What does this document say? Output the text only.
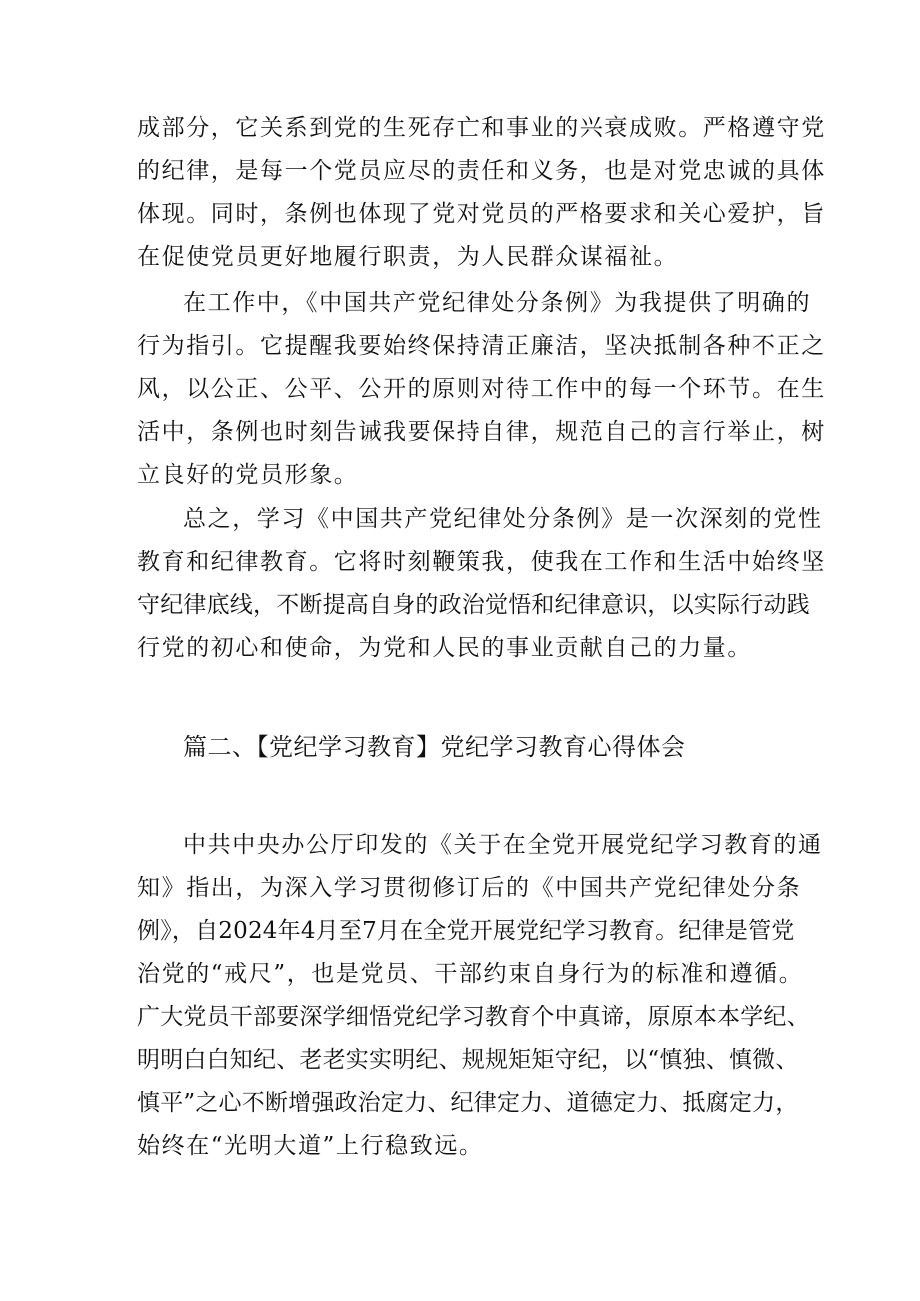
成部分，它关系到党的生死存亡和事业的兴衰成败。严格遵守党
的纪律，是每一个党员应尽的责任和义务，也是对党忠诚的具体
体现。同时，条例也体现了党对党员的严格要求和关心爱护，旨
在促使党员更好地履行职责，为人民群众谋福祉。
在工作中，《中国共产党纪律处分条例》为我提供了明确的
行为指引。它提醒我要始终保持清正廉洁，坚决抵制各种不正之
风，以公正、公平、公开的原则对待工作中的每一个环节。在生
活中，条例也时刻告诫我要保持自律，规范自己的言行举止，树
立良好的党员形象。
总之，学习《中国共产党纪律处分条例》是一次深刻的党性
教育和纪律教育。它将时刻鞭策我，使我在工作和生活中始终坚
守纪律底线，不断提高自身的政治觉悟和纪律意识，以实际行动践
行党的初心和使命，为党和人民的事业贡献自己的力量。
篇二、【党纪学习教育】党纪学习教育心得体会
中共中央办公厅印发的《关于在全党开展党纪学习教育的通
知》指出，为深入学习贯彻修订后的《中国共产党纪律处分条
例》，自2024年4月至7月在全党开展党纪学习教育。纪律是管党
治党的“戒尺”，也是党员、干部约束自身行为的标准和遵循。
广大党员干部要深学细悟党纪学习教育个中真谛，原原本本学纪、
明明白白知纪、老老实实明纪、规规矩矩守纪，以“慎独、慎微、
慎平”之心不断增强政治定力、纪律定力、道德定力、抵腐定力，
始终在“光明大道”上行稳致远。
